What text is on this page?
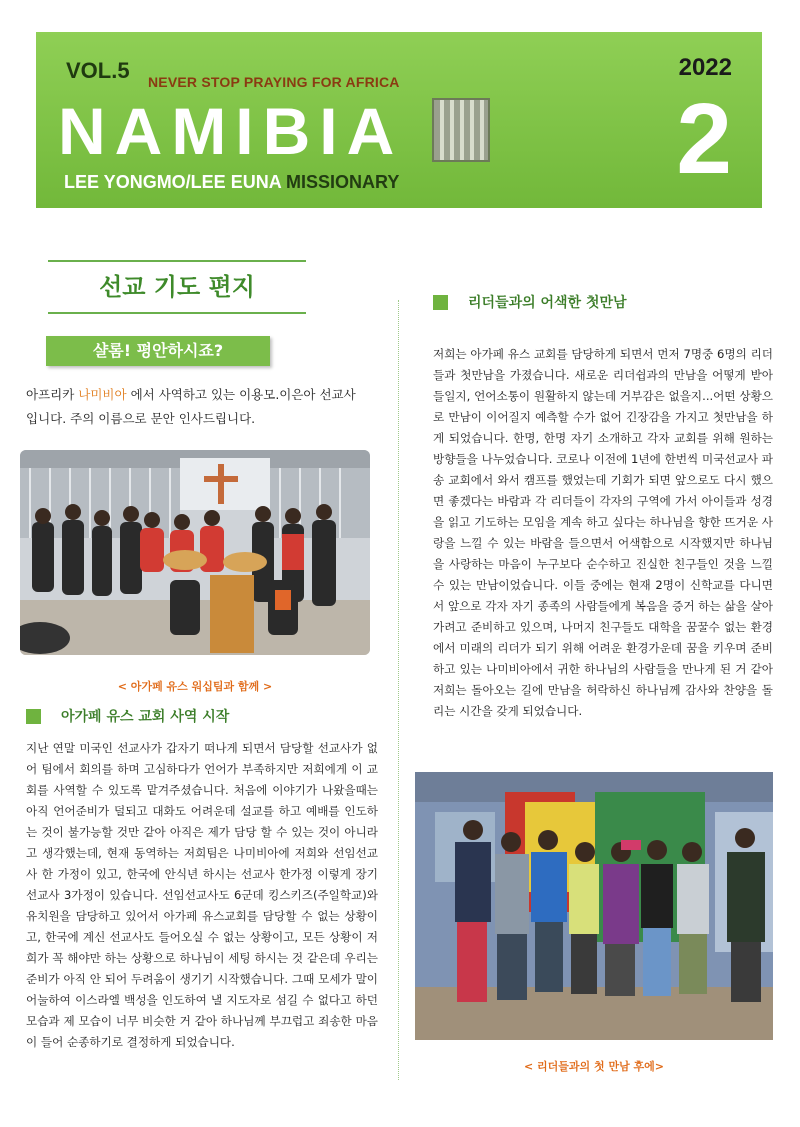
VOL.5 NEVER STOP PRAYING FOR AFRICA
NAMIBIA
LEE YONGMO/LEE EUNA MISSIONARY
2022
2
선교 기도 편지
샬롬! 평안하시죠?
아프리카 나미비아 에서 사역하고 있는 이용모.이은아 선교사입니다. 주의 이름으로 문안 인사드립니다.
< 아가페 유스 워십팀과 함께 >
아가페 유스 교회 사역 시작
지난 연말 미국인 선교사가 갑자기 떠나게 되면서 담당할 선교사가 없어 팀에서 회의를 하며 고심하다가 언어가 부족하지만 저희에게 이 교회를 사역할 수 있도록 맡겨주셨습니다. 처음에 이야기가 나왔을때는 아직 언어준비가 덜되고 대화도 어려운데 설교를 하고 예배를 인도하는 것이 불가능할 것만 같아 아직은 제가 담당 할 수 있는 것이 아니라고 생각했는데, 현재 동역하는 저희팀은 나미비아에 저희와 선임선교사 한 가정이 있고, 한국에 안식년 하시는 선교사 한가정 이렇게 장기선교사 3가정이 있습니다. 선임선교사도 6군데 킹스키즈(주일학교)와 유치원을 담당하고 있어서 아가페 유스교회를 담당할 수 없는 상황이고, 한국에 계신 선교사도 들어오실 수 없는 상황이고, 모든 상황이 저희가 꼭 해야만 하는 상황으로 하나님이 세팅 하시는 것 같은데 우리는 준비가 아직 안 되어 두려움이 생기기 시작했습니다. 그때 모세가 말이 어눌하여 이스라엘 백성을 인도하여 낼 지도자로 섬길 수 없다고 하던 모습과 제 모습이 너무 비슷한 거 같아 하나님께 부끄럽고 죄송한 마음이 들어 순종하기로 결정하게 되었습니다.
리더들과의 어색한 첫만남
저희는 아가페 유스 교회를 담당하게 되면서 먼저 7명중 6명의 리더들과 첫만남을 가졌습니다. 새로운 리더쉽과의 만남을 어떻게 받아들일지, 언어소통이 원활하지 않는데 거부감은 없을지...어떤 상황으로 만남이 이어질지 예측할 수가 없어 긴장감을 가지고 첫만남을 하게 되었습니다. 한명, 한명 자기 소개하고 각자 교회를 위해 원하는 방향들을 나누었습니다. 코로나 이전에 1년에 한번씩 미국선교사 파송 교회에서 와서 캠프를 했었는데 기회가 되면 앞으로도 다시 했으면 좋겠다는 바람과 각 리더들이 각자의 구역에 가서 아이들과 성경을 읽고 기도하는 모임을 계속 하고 싶다는 하나님을 향한 뜨거운 사랑을 느낄 수 있는 바람을 들으면서 어색함으로 시작했지만 하나님을 사랑하는 마음이 누구보다 순수하고 진실한 친구들인 것을 느낄 수 있는 만남이었습니다. 이들 중에는 현재 2명이 신학교를 다니면서 앞으로 각자 자기 종족의 사람들에게 복음을 증거 하는 삶을 살아가려고 준비하고 있으며, 나머지 친구들도 대학을 꿈꿀수 없는 환경에서 미래의 리더가 되기 위해 어려운 환경가운데 꿈을 키우며 준비하고 있는 나미비아에서 귀한 하나님의 사람들을 만나게 된 거 같아 저희는 돌아오는 길에 만남을 허락하신 하나님께 감사와 찬양을 돌리는 시간을 갖게 되었습니다.
< 리더들과의 첫 만남 후에>
